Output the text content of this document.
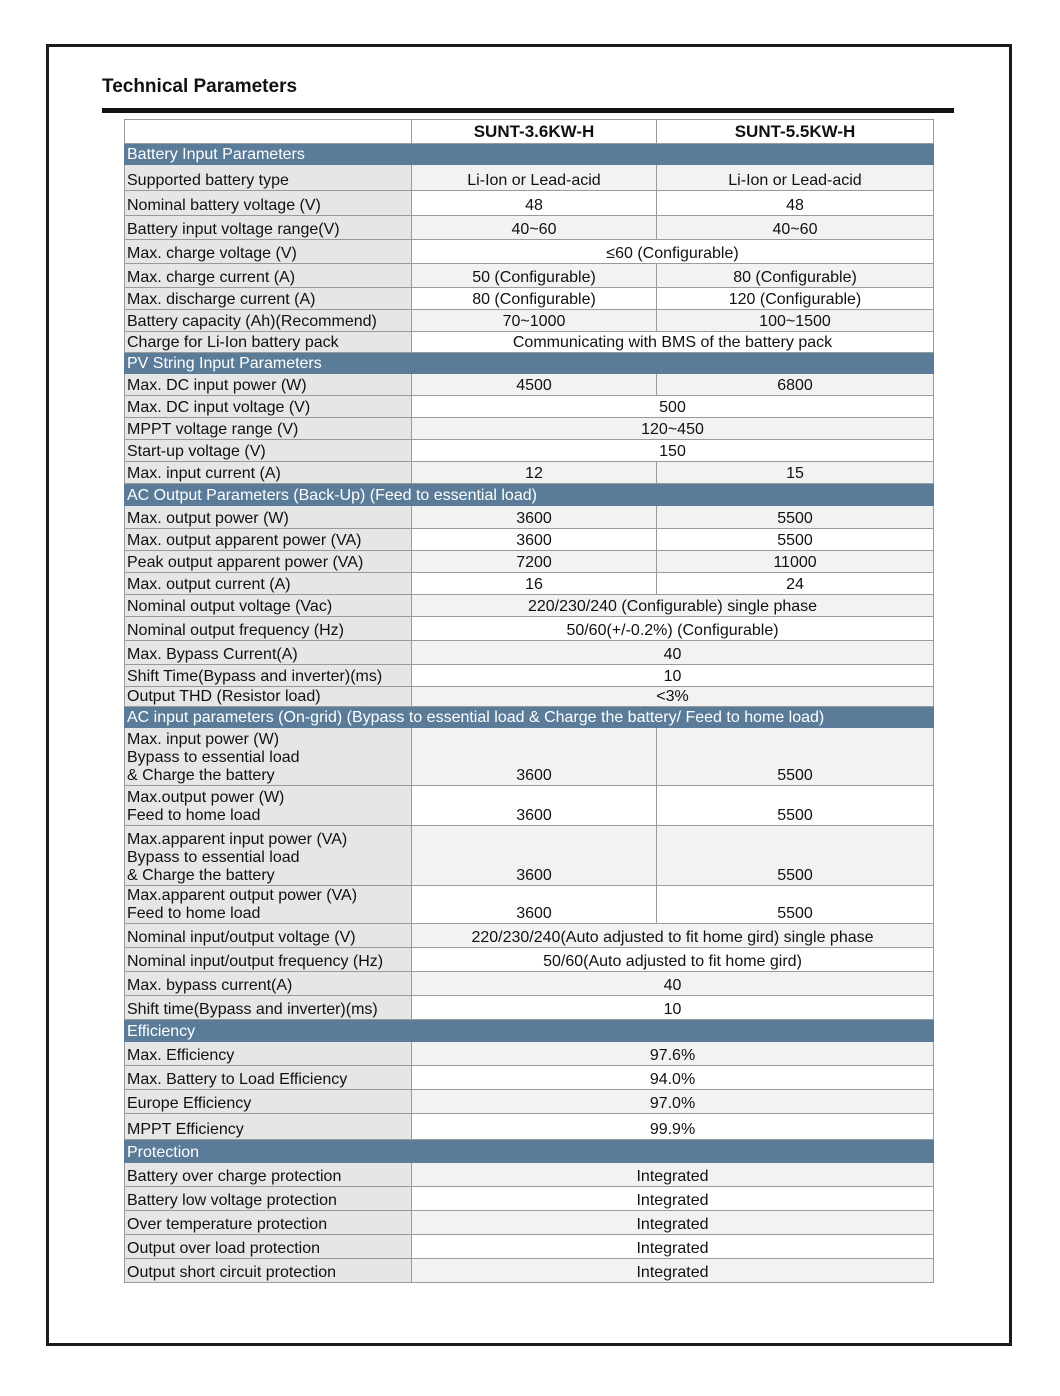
Technical Parameters
	SUNT-3.6KW-H	SUNT-5.5KW-H
Battery Input Parameters		
Supported battery type	Li-Ion or Lead-acid	Li-Ion or Lead-acid
Nominal battery voltage (V)	48	48
Battery input voltage range(V)	40~60	40~60
Max. charge voltage (V)	≤60 (Configurable)	
Max. charge current (A)	50 (Configurable)	80 (Configurable)
Max. discharge current (A)	80 (Configurable)	120 (Configurable)
Battery capacity (Ah)(Recommend)	70~1000	100~1500
Charge for Li-Ion battery pack	Communicating with BMS of the battery pack	
PV String Input Parameters		
Max. DC input power (W)	4500	6800
Max. DC input voltage (V)	500	
MPPT voltage range (V)	120~450	
Start-up voltage (V)	150	
Max. input current (A)	12	15
AC Output Parameters (Back-Up) (Feed to essential load)		
Max. output power (W)	3600	5500
Max. output apparent power (VA)	3600	5500
Peak output apparent power (VA)	7200	11000
Max. output current (A)	16	24
Nominal output voltage (Vac)	220/230/240 (Configurable) single phase	
Nominal output frequency (Hz)	50/60(+/-0.2%) (Configurable)	
Max. Bypass Current(A)	40	
Shift Time(Bypass and inverter)(ms)	10	
Output THD (Resistor load)	<3%	
AC input parameters (On-grid) (Bypass to essential load & Charge the battery/ Feed to home load)		
Max. input power (W)
Bypass to essential load
& Charge the battery	3600	5500
Max.output power (W)
Feed to home load	3600	5500
Max.apparent input power (VA)
Bypass to essential load
& Charge the battery	3600	5500
Max.apparent output power (VA)
Feed to home load	3600	5500
Nominal input/output voltage (V)	220/230/240(Auto adjusted to fit home gird) single phase	
Nominal input/output frequency (Hz)	50/60(Auto adjusted to fit home gird)	
Max. bypass current(A)	40	
Shift time(Bypass and inverter)(ms)	10	
Efficiency		
Max. Efficiency	97.6%	
Max. Battery to Load Efficiency	94.0%	
Europe Efficiency	97.0%	
MPPT Efficiency	99.9%	
Protection		
Battery over charge protection	Integrated	
Battery low voltage protection	Integrated	
Over temperature protection	Integrated	
Output over load protection	Integrated	
Output short circuit protection	Integrated	
